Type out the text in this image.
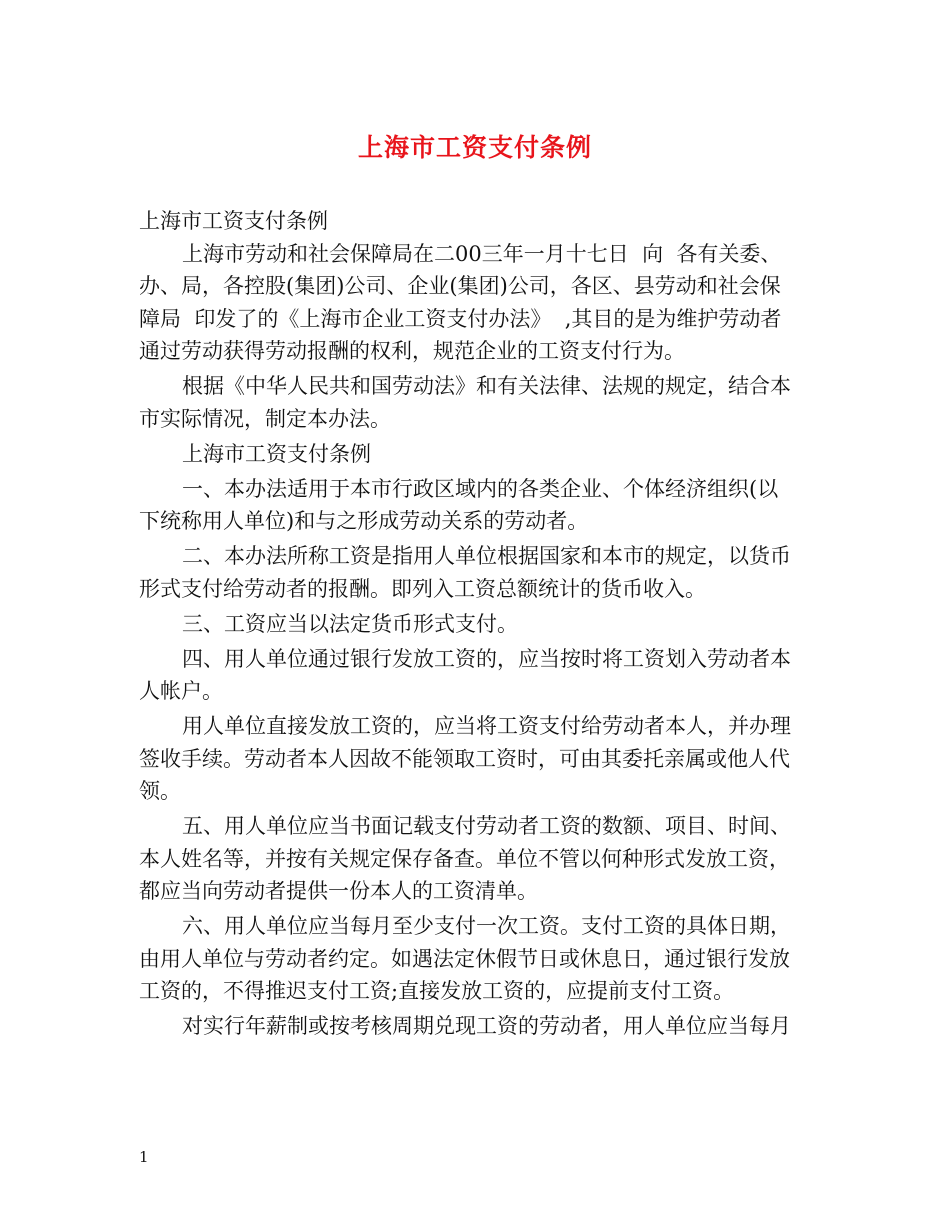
上海市工资支付条例
上海市工资支付条例
上海市劳动和社会保障局在二00三年一月十七日  向  各有关委、
办、局，各控股(集团)公司、企业(集团)公司，各区、县劳动和社会保
障局  印发了的《上海市企业工资支付办法》  ,其目的是为维护劳动者
通过劳动获得劳动报酬的权利，规范企业的工资支付行为。
根据《中华人民共和国劳动法》和有关法律、法规的规定，结合本
市实际情况，制定本办法。
上海市工资支付条例
一、本办法适用于本市行政区域内的各类企业、个体经济组织(以
下统称用人单位)和与之形成劳动关系的劳动者。
二、本办法所称工资是指用人单位根据国家和本市的规定，以货币
形式支付给劳动者的报酬。即列入工资总额统计的货币收入。
三、工资应当以法定货币形式支付。
四、用人单位通过银行发放工资的，应当按时将工资划入劳动者本
人帐户。
用人单位直接发放工资的，应当将工资支付给劳动者本人，并办理
签收手续。劳动者本人因故不能领取工资时，可由其委托亲属或他人代
领。
五、用人单位应当书面记载支付劳动者工资的数额、项目、时间、
本人姓名等，并按有关规定保存备查。单位不管以何种形式发放工资，
都应当向劳动者提供一份本人的工资清单。
六、用人单位应当每月至少支付一次工资。支付工资的具体日期，
由用人单位与劳动者约定。如遇法定休假节日或休息日，通过银行发放
工资的，不得推迟支付工资;直接发放工资的，应提前支付工资。
对实行年薪制或按考核周期兑现工资的劳动者，用人单位应当每月
1
